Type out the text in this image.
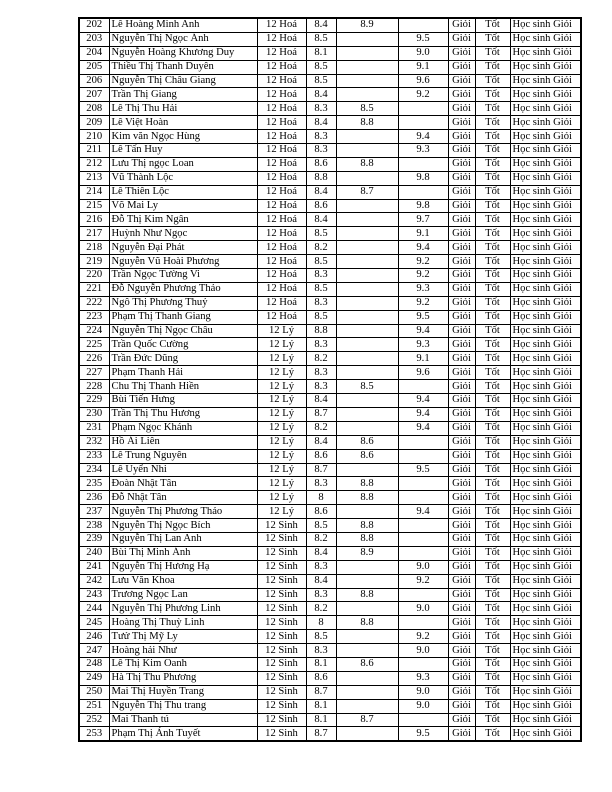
202	Lê Hoàng Minh Anh	12 Hoá	8.4	8.9		Giỏi	Tốt	Học sinh Giỏi
203	Nguyễn Thị Ngọc Ánh	12 Hoá	8.5		9.5	Giỏi	Tốt	Học sinh Giỏi
204	Nguyễn Hoàng Khương Duy	12 Hoá	8.1		9.0	Giỏi	Tốt	Học sinh Giỏi
205	Thiều Thị Thanh Duyên	12 Hoá	8.5		9.1	Giỏi	Tốt	Học sinh Giỏi
206	Nguyễn Thị Châu Giang	12 Hoá	8.5		9.6	Giỏi	Tốt	Học sinh Giỏi
207	Trần Thị Giang	12 Hoá	8.4		9.2	Giỏi	Tốt	Học sinh Giỏi
208	Lê Thị Thu Hải	12 Hoá	8.3	8.5		Giỏi	Tốt	Học sinh Giỏi
209	Lê Việt Hoàn	12 Hoá	8.4	8.8		Giỏi	Tốt	Học sinh Giỏi
210	Kim văn Ngọc Hùng	12 Hoá	8.3		9.4	Giỏi	Tốt	Học sinh Giỏi
211	Lê Tấn Huy	12 Hoá	8.3		9.3	Giỏi	Tốt	Học sinh Giỏi
212	Lưu Thị ngọc Loan	12 Hoá	8.6	8.8		Giỏi	Tốt	Học sinh Giỏi
213	Vũ Thành Lộc	12 Hoá	8.8		9.8	Giỏi	Tốt	Học sinh Giỏi
214	Lê Thiên Lộc	12 Hoá	8.4	8.7		Giỏi	Tốt	Học sinh Giỏi
215	Võ Mai Ly	12 Hoá	8.6		9.8	Giỏi	Tốt	Học sinh Giỏi
216	Đỗ Thị Kim Ngân	12 Hoá	8.4		9.7	Giỏi	Tốt	Học sinh Giỏi
217	Huỳnh Như Ngọc	12 Hoá	8.5		9.1	Giỏi	Tốt	Học sinh Giỏi
218	Nguyễn Đại Phát	12 Hoá	8.2		9.4	Giỏi	Tốt	Học sinh Giỏi
219	Nguyễn Vũ Hoài Phương	12 Hoá	8.5		9.2	Giỏi	Tốt	Học sinh Giỏi
220	Trần Ngọc Tường Vi	12 Hoá	8.3		9.2	Giỏi	Tốt	Học sinh Giỏi
221	Đỗ Nguyễn Phương Thảo	12 Hoá	8.5		9.3	Giỏi	Tốt	Học sinh Giỏi
222	Ngô Thị Phương Thuỷ	12 Hoá	8.3		9.2	Giỏi	Tốt	Học sinh Giỏi
223	Phạm Thị Thanh Giang	12 Hoá	8.5		9.5	Giỏi	Tốt	Học sinh Giỏi
224	Nguyễn Thị Ngọc Châu	12 Lý	8.8		9.4	Giỏi	Tốt	Học sinh Giỏi
225	Trần Quốc Cường	12 Lý	8.3		9.3	Giỏi	Tốt	Học sinh Giỏi
226	Trần Đức Dũng	12 Lý	8.2		9.1	Giỏi	Tốt	Học sinh Giỏi
227	Phạm Thanh Hải	12 Lý	8.3		9.6	Giỏi	Tốt	Học sinh Giỏi
228	Chu Thị Thanh Hiền	12 Lý	8.3	8.5		Giỏi	Tốt	Học sinh Giỏi
229	Bùi Tiến Hưng	12 Lý	8.4		9.4	Giỏi	Tốt	Học sinh Giỏi
230	Trần Thị Thu Hương	12 Lý	8.7		9.4	Giỏi	Tốt	Học sinh Giỏi
231	Phạm Ngọc Khánh	12 Lý	8.2		9.4	Giỏi	Tốt	Học sinh Giỏi
232	Hồ Ái Liên	12 Lý	8.4	8.6		Giỏi	Tốt	Học sinh Giỏi
233	Lê Trung Nguyên	12 Lý	8.6	8.6		Giỏi	Tốt	Học sinh Giỏi
234	Lê Uyển Nhi	12 Lý	8.7		9.5	Giỏi	Tốt	Học sinh Giỏi
235	Đoàn Nhật Tân	12 Lý	8.3	8.8		Giỏi	Tốt	Học sinh Giỏi
236	Đỗ Nhật Tân	12 Lý	8	8.8		Giỏi	Tốt	Học sinh Giỏi
237	Nguyễn Thị Phương Thảo	12 Lý	8.6		9.4	Giỏi	Tốt	Học sinh Giỏi
238	Nguyễn Thị Ngọc Bích	12 Sinh	8.5	8.8		Giỏi	Tốt	Học sinh Giỏi
239	Nguyễn Thị Lan Anh	12 Sinh	8.2	8.8		Giỏi	Tốt	Học sinh Giỏi
240	Bùi Thị Minh Ánh	12 Sinh	8.4	8.9		Giỏi	Tốt	Học sinh Giỏi
241	Nguyễn Thị Hương Hạ	12 Sinh	8.3		9.0	Giỏi	Tốt	Học sinh Giỏi
242	Lưu Văn Khoa	12 Sinh	8.4		9.2	Giỏi	Tốt	Học sinh Giỏi
243	Trương Ngọc Lan	12 Sinh	8.3	8.8		Giỏi	Tốt	Học sinh Giỏi
244	Nguyễn Thị Phương Linh	12 Sinh	8.2		9.0	Giỏi	Tốt	Học sinh Giỏi
245	Hoàng Thị Thuỳ Linh	12 Sinh	8	8.8		Giỏi	Tốt	Học sinh Giỏi
246	Tưử Thị Mỹ Ly	12 Sinh	8.5		9.2	Giỏi	Tốt	Học sinh Giỏi
247	Hoàng hải Như	12 Sinh	8.3		9.0	Giỏi	Tốt	Học sinh Giỏi
248	Lê Thị Kim Oanh	12 Sinh	8.1	8.6		Giỏi	Tốt	Học sinh Giỏi
249	Hà Thị Thu Phương	12 Sinh	8.6		9.3	Giỏi	Tốt	Học sinh Giỏi
250	Mai Thị Huyền Trang	12 Sinh	8.7		9.0	Giỏi	Tốt	Học sinh Giỏi
251	Nguyễn Thị Thu trang	12 Sinh	8.1		9.0	Giỏi	Tốt	Học sinh Giỏi
252	Mai Thanh tú	12 Sinh	8.1	8.7		Giỏi	Tốt	Học sinh Giỏi
253	Phạm Thị Ánh Tuyết	12 Sinh	8.7		9.5	Giỏi	Tốt	Học sinh Giỏi
